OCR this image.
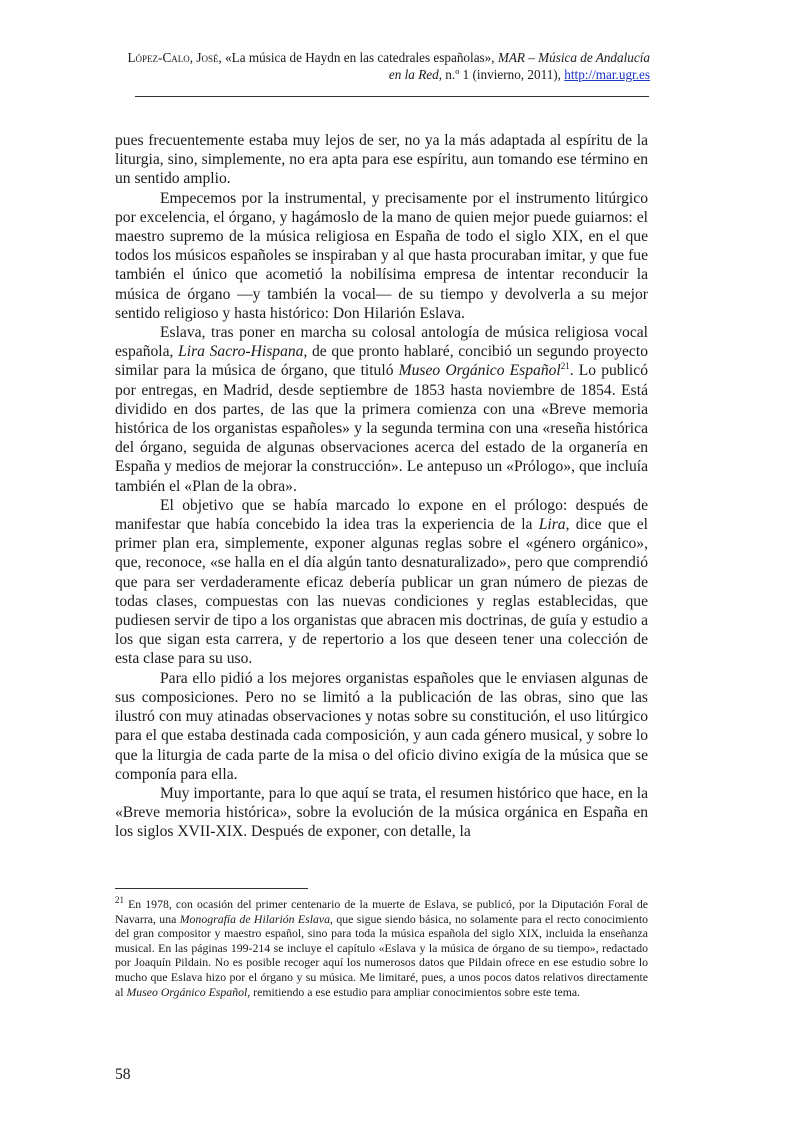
López-Calo, José, «La música de Haydn en las catedrales españolas», MAR – Música de Andalucía
en la Red, n.º 1 (invierno, 2011), http://mar.ugr.es

pues frecuentemente estaba muy lejos de ser, no ya la más adaptada al espíritu de la liturgia, sino, simplemente, no era apta para ese espíritu, aun tomando ese término en un sentido amplio.

Empecemos por la instrumental, y precisamente por el instrumento litúrgico por excelencia, el órgano, y hagámoslo de la mano de quien mejor puede guiarnos: el maestro supremo de la música religiosa en España de todo el siglo XIX, en el que todos los músicos españoles se inspiraban y al que hasta procuraban imitar, y que fue también el único que acometió la nobilísima empresa de intentar reconducir la música de órgano —y también la vocal— de su tiempo y devolverla a su mejor sentido religioso y hasta histórico: Don Hilarión Eslava.

Eslava, tras poner en marcha su colosal antología de música religiosa vocal española, Lira Sacro-Hispana, de que pronto hablaré, concibió un segundo proyecto similar para la música de órgano, que tituló Museo Orgánico Español$^{21}$. Lo publicó por entregas, en Madrid, desde septiembre de 1853 hasta noviembre de 1854. Está dividido en dos partes, de las que la primera comienza con una «Breve memoria histórica de los organistas españoles» y la segunda termina con una «reseña histórica del órgano, seguida de algunas observaciones acerca del estado de la organería en España y medios de mejorar la construcción». Le antepuso un «Prólogo», que incluía también el «Plan de la obra».

El objetivo que se había marcado lo expone en el prólogo: después de manifestar que había concebido la idea tras la experiencia de la Lira, dice que el primer plan era, simplemente, exponer algunas reglas sobre el «género orgánico», que, reconoce, «se halla en el día algún tanto desnaturalizado», pero que comprendió que para ser verdaderamente eficaz debería publicar un gran número de piezas de todas clases, compuestas con las nuevas condiciones y reglas establecidas, que pudiesen servir de tipo a los organistas que abracen mis doctrinas, de guía y estudio a los que sigan esta carrera, y de repertorio a los que deseen tener una colección de esta clase para su uso.

Para ello pidió a los mejores organistas españoles que le enviasen algunas de sus composiciones. Pero no se limitó a la publicación de las obras, sino que las ilustró con muy atinadas observaciones y notas sobre su constitución, el uso litúrgico para el que estaba destinada cada composición, y aun cada género musical, y sobre lo que la liturgia de cada parte de la misa o del oficio divino exigía de la música que se componía para ella.

Muy importante, para lo que aquí se trata, el resumen histórico que hace, en la «Breve memoria histórica», sobre la evolución de la música orgánica en España en los siglos XVII-XIX. Después de exponer, con detalle, la

$^{21}$ En 1978, con ocasión del primer centenario de la muerte de Eslava, se publicó, por la Diputación Foral de Navarra, una Monografía de Hilarión Eslava, que sigue siendo básica, no solamente para el recto conocimiento del gran compositor y maestro español, sino para toda la música española del siglo XIX, incluida la enseñanza musical. En las páginas 199-214 se incluye el capítulo «Eslava y la música de órgano de su tiempo», redactado por Joaquín Pildain. No es posible recoger aquí los numerosos datos que Pildain ofrece en ese estudio sobre lo mucho que Eslava hizo por el órgano y su música. Me limitaré, pues, a unos pocos datos relativos directamente al Museo Orgánico Español, remitiendo a ese estudio para ampliar conocimientos sobre este tema.
58
